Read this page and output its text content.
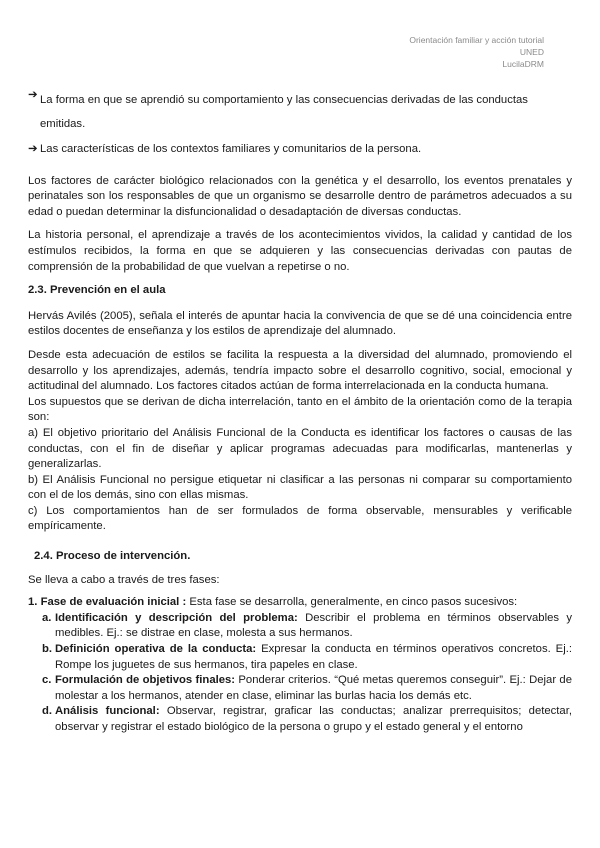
Orientación familiar y acción tutorial
UNED
LucilaDRM
➔ La forma en que se aprendió su comportamiento y las consecuencias derivadas de las conductas emitidas.
➔ Las características de los contextos familiares y comunitarios de la persona.

Los factores de carácter biológico relacionados con la genética y el desarrollo, los eventos prenatales y perinatales son los responsables de que un organismo se desarrolle dentro de parámetros adecuados a su edad o puedan determinar la disfuncionalidad o desadaptación de diversas conductas.

La historia personal, el aprendizaje a través de los acontecimientos vividos, la calidad y cantidad de los estímulos recibidos, la forma en que se adquieren y las consecuencias derivadas con pautas de comprensión de la probabilidad de que vuelvan a repetirse o no.

2.3. Prevención en el aula

Hervás Avilés (2005), señala el interés de apuntar hacia la convivencia de que se dé una coincidencia entre estilos docentes de enseñanza y los estilos de aprendizaje del alumnado.

Desde esta adecuación de estilos se facilita la respuesta a la diversidad del alumnado, promoviendo el desarrollo y los aprendizajes, además, tendría impacto sobre el desarrollo cognitivo, social, emocional y actitudinal del alumnado. Los factores citados actúan de forma interrelacionada en la conducta humana.

Los supuestos que se derivan de dicha interrelación, tanto en el ámbito de la orientación como de la terapia son:

a) El objetivo prioritario del Análisis Funcional de la Conducta es identificar los factores o causas de las conductas, con el fin de diseñar y aplicar programas adecuadas para modificarlas, mantenerlas y generalizarlas.

b) El Análisis Funcional no persigue etiquetar ni clasificar a las personas ni comparar su comportamiento con el de los demás, sino con ellas mismas.

c) Los comportamientos han de ser formulados de forma observable, mensurables y verificable empíricamente.

2.4. Proceso de intervención.

Se lleva a cabo a través de tres fases:

1. Fase de evaluación inicial : Esta fase se desarrolla, generalmente, en cinco pasos sucesivos:
a. Identificación y descripción del problema: Describir el problema en términos observables y medibles. Ej.: se distrae en clase, molesta a sus hermanos.
b. Definición operativa de la conducta: Expresar la conducta en términos operativos concretos. Ej.: Rompe los juguetes de sus hermanos, tira papeles en clase.
c. Formulación de objetivos finales: Ponderar criterios. “Qué metas queremos conseguir”. Ej.: Dejar de molestar a los hermanos, atender en clase, eliminar las burlas hacia los demás etc.
d. Análisis funcional: Observar, registrar, graficar las conductas; analizar prerrequisitos; detectar, observar y registrar el estado biológico de la persona o grupo y el estado general y el entorno
